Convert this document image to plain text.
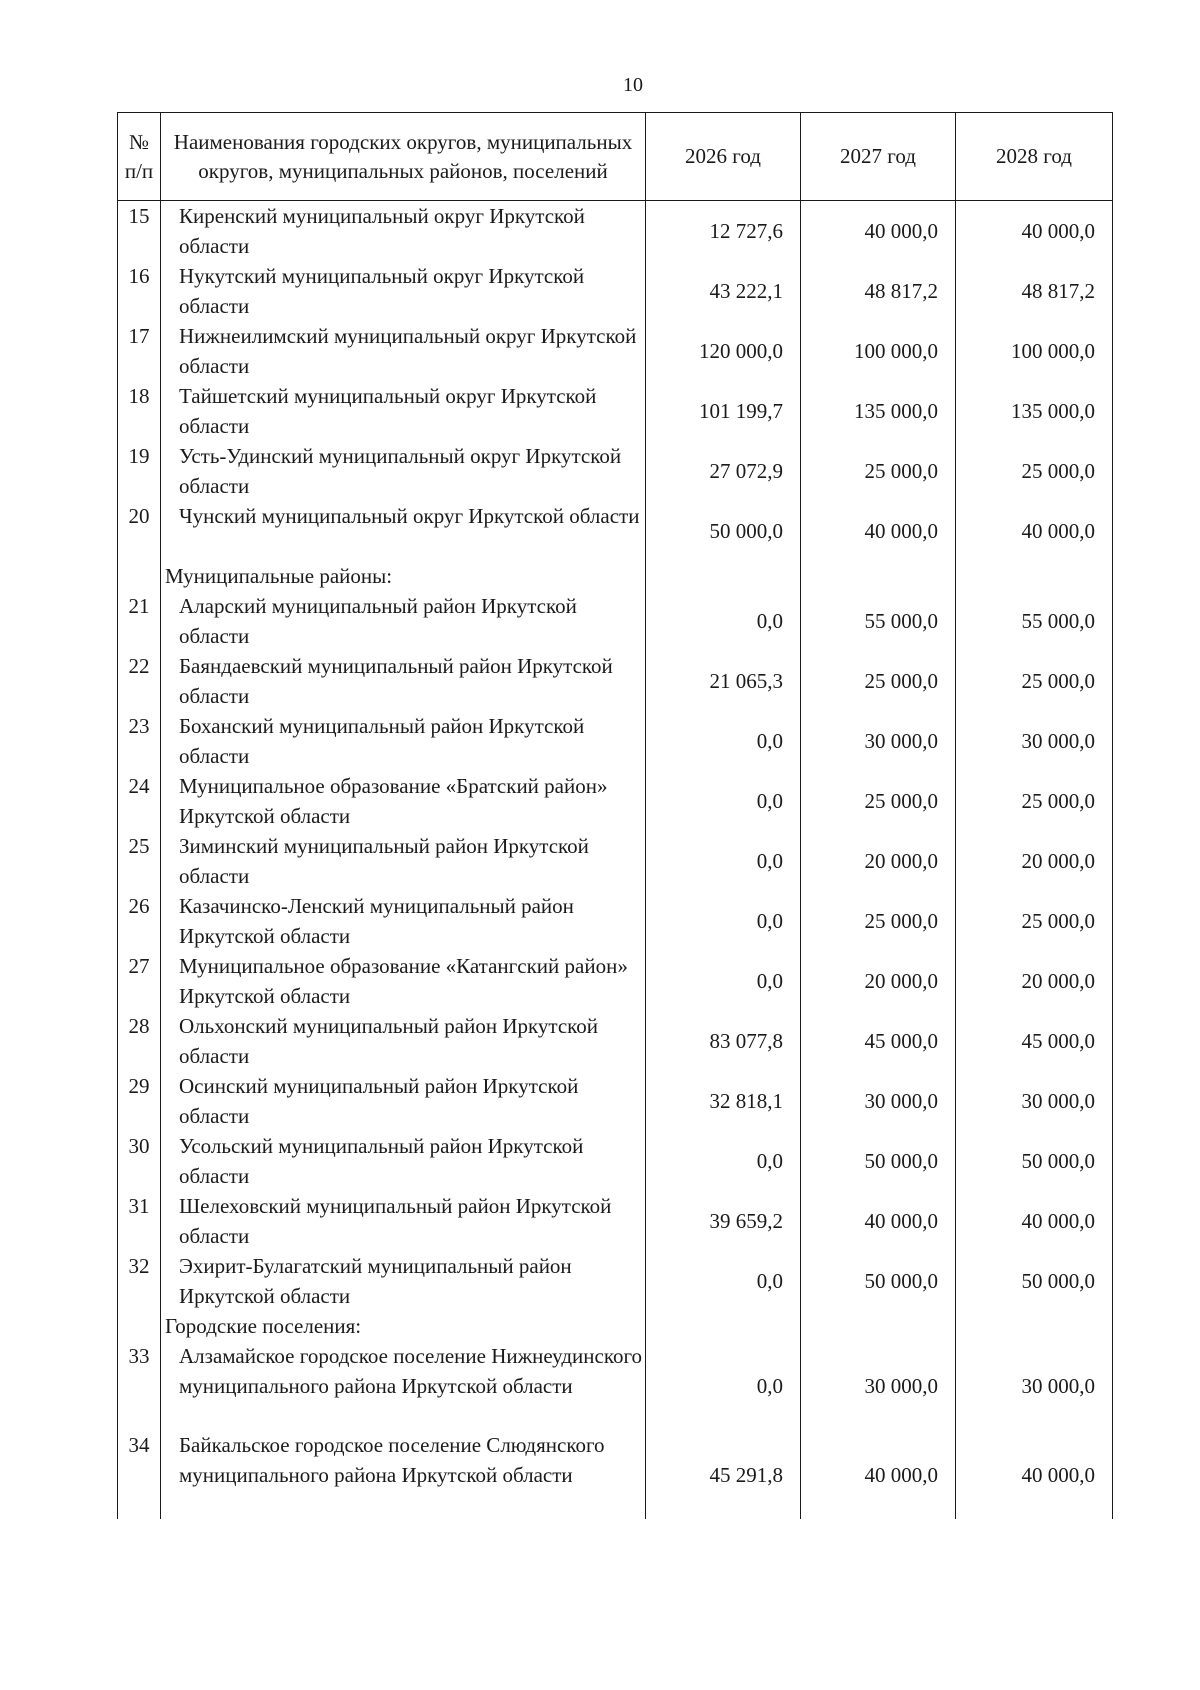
10
№ п/п	Наименования городских округов, муниципальных округов, муниципальных районов, поселений	2026 год	2027 год	2028 год
15	Киренский муниципальный округ Иркутской области	12 727,6	40 000,0	40 000,0
16	Нукутский муниципальный округ Иркутской области	43 222,1	48 817,2	48 817,2
17	Нижнеилимский муниципальный округ Иркутской области	120 000,0	100 000,0	100 000,0
18	Тайшетский муниципальный округ Иркутской области	101 199,7	135 000,0	135 000,0
19	Усть-Удинский муниципальный округ Иркутской области	27 072,9	25 000,0	25 000,0
20	Чунский муниципальный округ Иркутской области	50 000,0	40 000,0	40 000,0
	Муниципальные районы:			
21	Аларский муниципальный район Иркутской области	0,0	55 000,0	55 000,0
22	Баяндаевский муниципальный район Иркутской области	21 065,3	25 000,0	25 000,0
23	Боханский муниципальный район Иркутской области	0,0	30 000,0	30 000,0
24	Муниципальное образование «Братский район» Иркутской области	0,0	25 000,0	25 000,0
25	Зиминский муниципальный район Иркутской области	0,0	20 000,0	20 000,0
26	Казачинско-Ленский муниципальный район Иркутской области	0,0	25 000,0	25 000,0
27	Муниципальное образование «Катангский район» Иркутской области	0,0	20 000,0	20 000,0
28	Ольхонский муниципальный район Иркутской области	83 077,8	45 000,0	45 000,0
29	Осинский муниципальный район Иркутской области	32 818,1	30 000,0	30 000,0
30	Усольский муниципальный район Иркутской области	0,0	50 000,0	50 000,0
31	Шелеховский муниципальный район Иркутской области	39 659,2	40 000,0	40 000,0
32	Эхирит-Булагатский муниципальный район Иркутской области	0,0	50 000,0	50 000,0
	Городские поселения:			
33	Алзамайское городское поселение Нижнеудинского муниципального района Иркутской области	0,0	30 000,0	30 000,0
34	Байкальское городское поселение Слюдянского муниципального района Иркутской области	45 291,8	40 000,0	40 000,0
